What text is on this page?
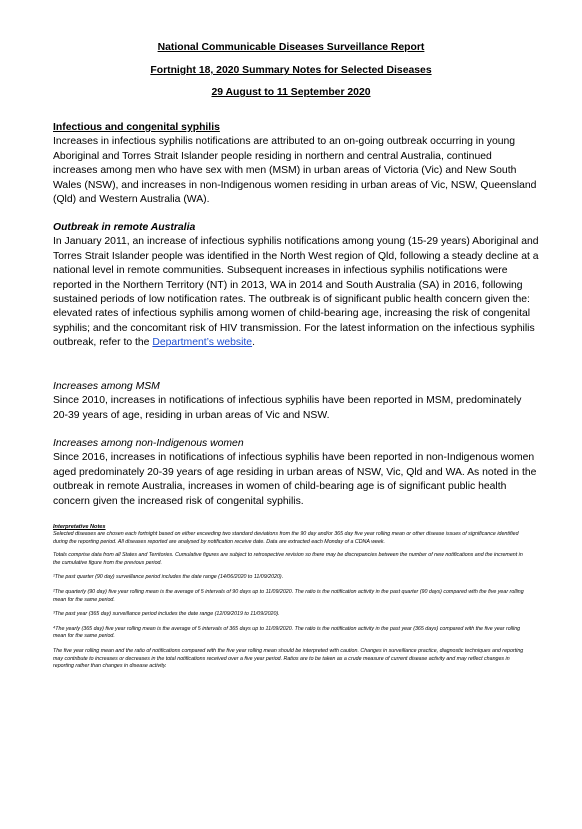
National Communicable Diseases Surveillance Report
Fortnight 18, 2020 Summary Notes for Selected Diseases
29 August to 11 September 2020

Infectious and congenital syphilis

Increases in infectious syphilis notifications are attributed to an on-going outbreak occurring in young Aboriginal and Torres Strait Islander people residing in northern and central Australia, continued increases among men who have sex with men (MSM) in urban areas of Victoria (Vic) and New South Wales (NSW), and increases in non-Indigenous women residing in urban areas of Vic, NSW, Queensland (Qld) and Western Australia (WA).

Outbreak in remote Australia

In January 2011, an increase of infectious syphilis notifications among young (15-29 years) Aboriginal and Torres Strait Islander people was identified in the North West region of Qld, following a steady decline at a national level in remote communities. Subsequent increases in infectious syphilis notifications were reported in the Northern Territory (NT) in 2013, WA in 2014 and South Australia (SA) in 2016, following sustained periods of low notification rates. The outbreak is of significant public health concern given the: elevated rates of infectious syphilis among women of child-bearing age, increasing the risk of congenital syphilis; and the concomitant risk of HIV transmission. For the latest information on the infectious syphilis outbreak, refer to the Department’s website.

Increases among MSM

Since 2010, increases in notifications of infectious syphilis have been reported in MSM, predominately 20-39 years of age, residing in urban areas of Vic and NSW.

Increases among non-Indigenous women

Since 2016, increases in notifications of infectious syphilis have been reported in non-Indigenous women aged predominately 20-39 years of age residing in urban areas of NSW, Vic, Qld and WA. As noted in the outbreak in remote Australia, increases in women of child-bearing age is of significant public health concern given the increased risk of congenital syphilis.

Interpretative Notes

Selected diseases are chosen each fortnight based on either exceeding two standard deviations from the 90 day and/or 365 day five year rolling mean or other disease issues of significance identified during the reporting period. All diseases reported are analysed by notification receive date. Data are extracted each Monday of a CDNA week.

Totals comprise data from all States and Territories. Cumulative figures are subject to retrospective revision so there may be discrepancies between the number of new notifications and the increment in the cumulative figure from the previous period.

¹The past quarter (90 day) surveillance period includes the date range (14/06/2020 to 11/09/2020).

²The quarterly (90 day) five year rolling mean is the average of 5 intervals of 90 days up to 11/09/2020. The ratio is the notification activity in the past quarter (90 days) compared with the five year rolling mean for the same period.

³The past year (365 day) surveillance period includes the date range (12/09/2019 to 11/09/2020).

⁴The yearly (365 day) five year rolling mean is the average of 5 intervals of 365 days up to 11/09/2020. The ratio is the notification activity in the past year (365 days) compared with the five year rolling mean for the same period.

The five year rolling mean and the ratio of notifications compared with the five year rolling mean should be interpreted with caution. Changes in surveillance practice, diagnostic techniques and reporting may contribute to increases or decreases in the total notifications received over a five year period. Ratios are to be taken as a crude measure of current disease activity and may reflect changes in reporting rather than changes in disease activity.
